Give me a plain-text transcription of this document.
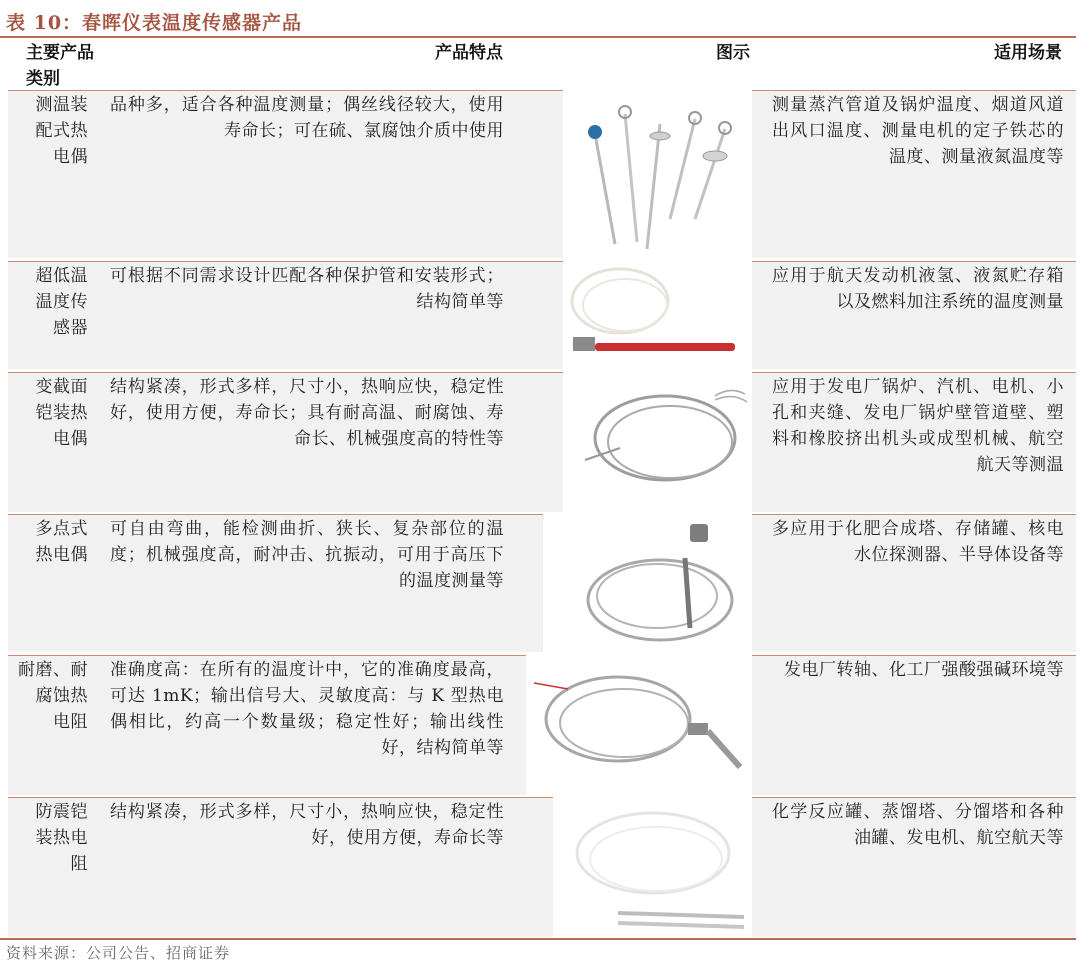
表 10：春晖仪表温度传感器产品
主要产品类别
产品特点	图示	适用场景
测温装
配式热
电偶
品种多，适合各种温度测量；偶丝线径较大，使用寿命长；可在硫、氯腐蚀介质中使用
测量蒸汽管道及锅炉温度、烟道风道出风口温度、测量电机的定子铁芯的温度、测量液氮温度等
超低温
温度传
感器
可根据不同需求设计匹配各种保护管和安装形式；结构简单等
应用于航天发动机液氢、液氮贮存箱以及燃料加注系统的温度测量
变截面
铠装热
电偶
结构紧凑，形式多样，尺寸小，热响应快，稳定性好，使用方便，寿命长；具有耐高温、耐腐蚀、寿命长、机械强度高的特性等
应用于发电厂锅炉、汽机、电机、小孔和夹缝、发电厂锅炉壁管道壁、塑料和橡胶挤出机头或成型机械、航空航天等测温
多点式
热电偶
可自由弯曲，能检测曲折、狭长、复杂部位的温度；机械强度高，耐冲击、抗振动，可用于高压下的温度测量等
多应用于化肥合成塔、存储罐、核电水位探测器、半导体设备等
耐磨、耐
腐蚀热
电阻
准确度高：在所有的温度计中，它的准确度最高，可达 1mK；输出信号大、灵敏度高：与 K 型热电偶相比，约高一个数量级；稳定性好；输出线性好，结构简单等
发电厂转轴、化工厂强酸强碱环境等
防震铠
装热电
阻
结构紧凑，形式多样，尺寸小，热响应快，稳定性好，使用方便，寿命长等
化学反应罐、蒸馏塔、分馏塔和各种油罐、发电机、航空航天等
资料来源：公司公告、招商证券
